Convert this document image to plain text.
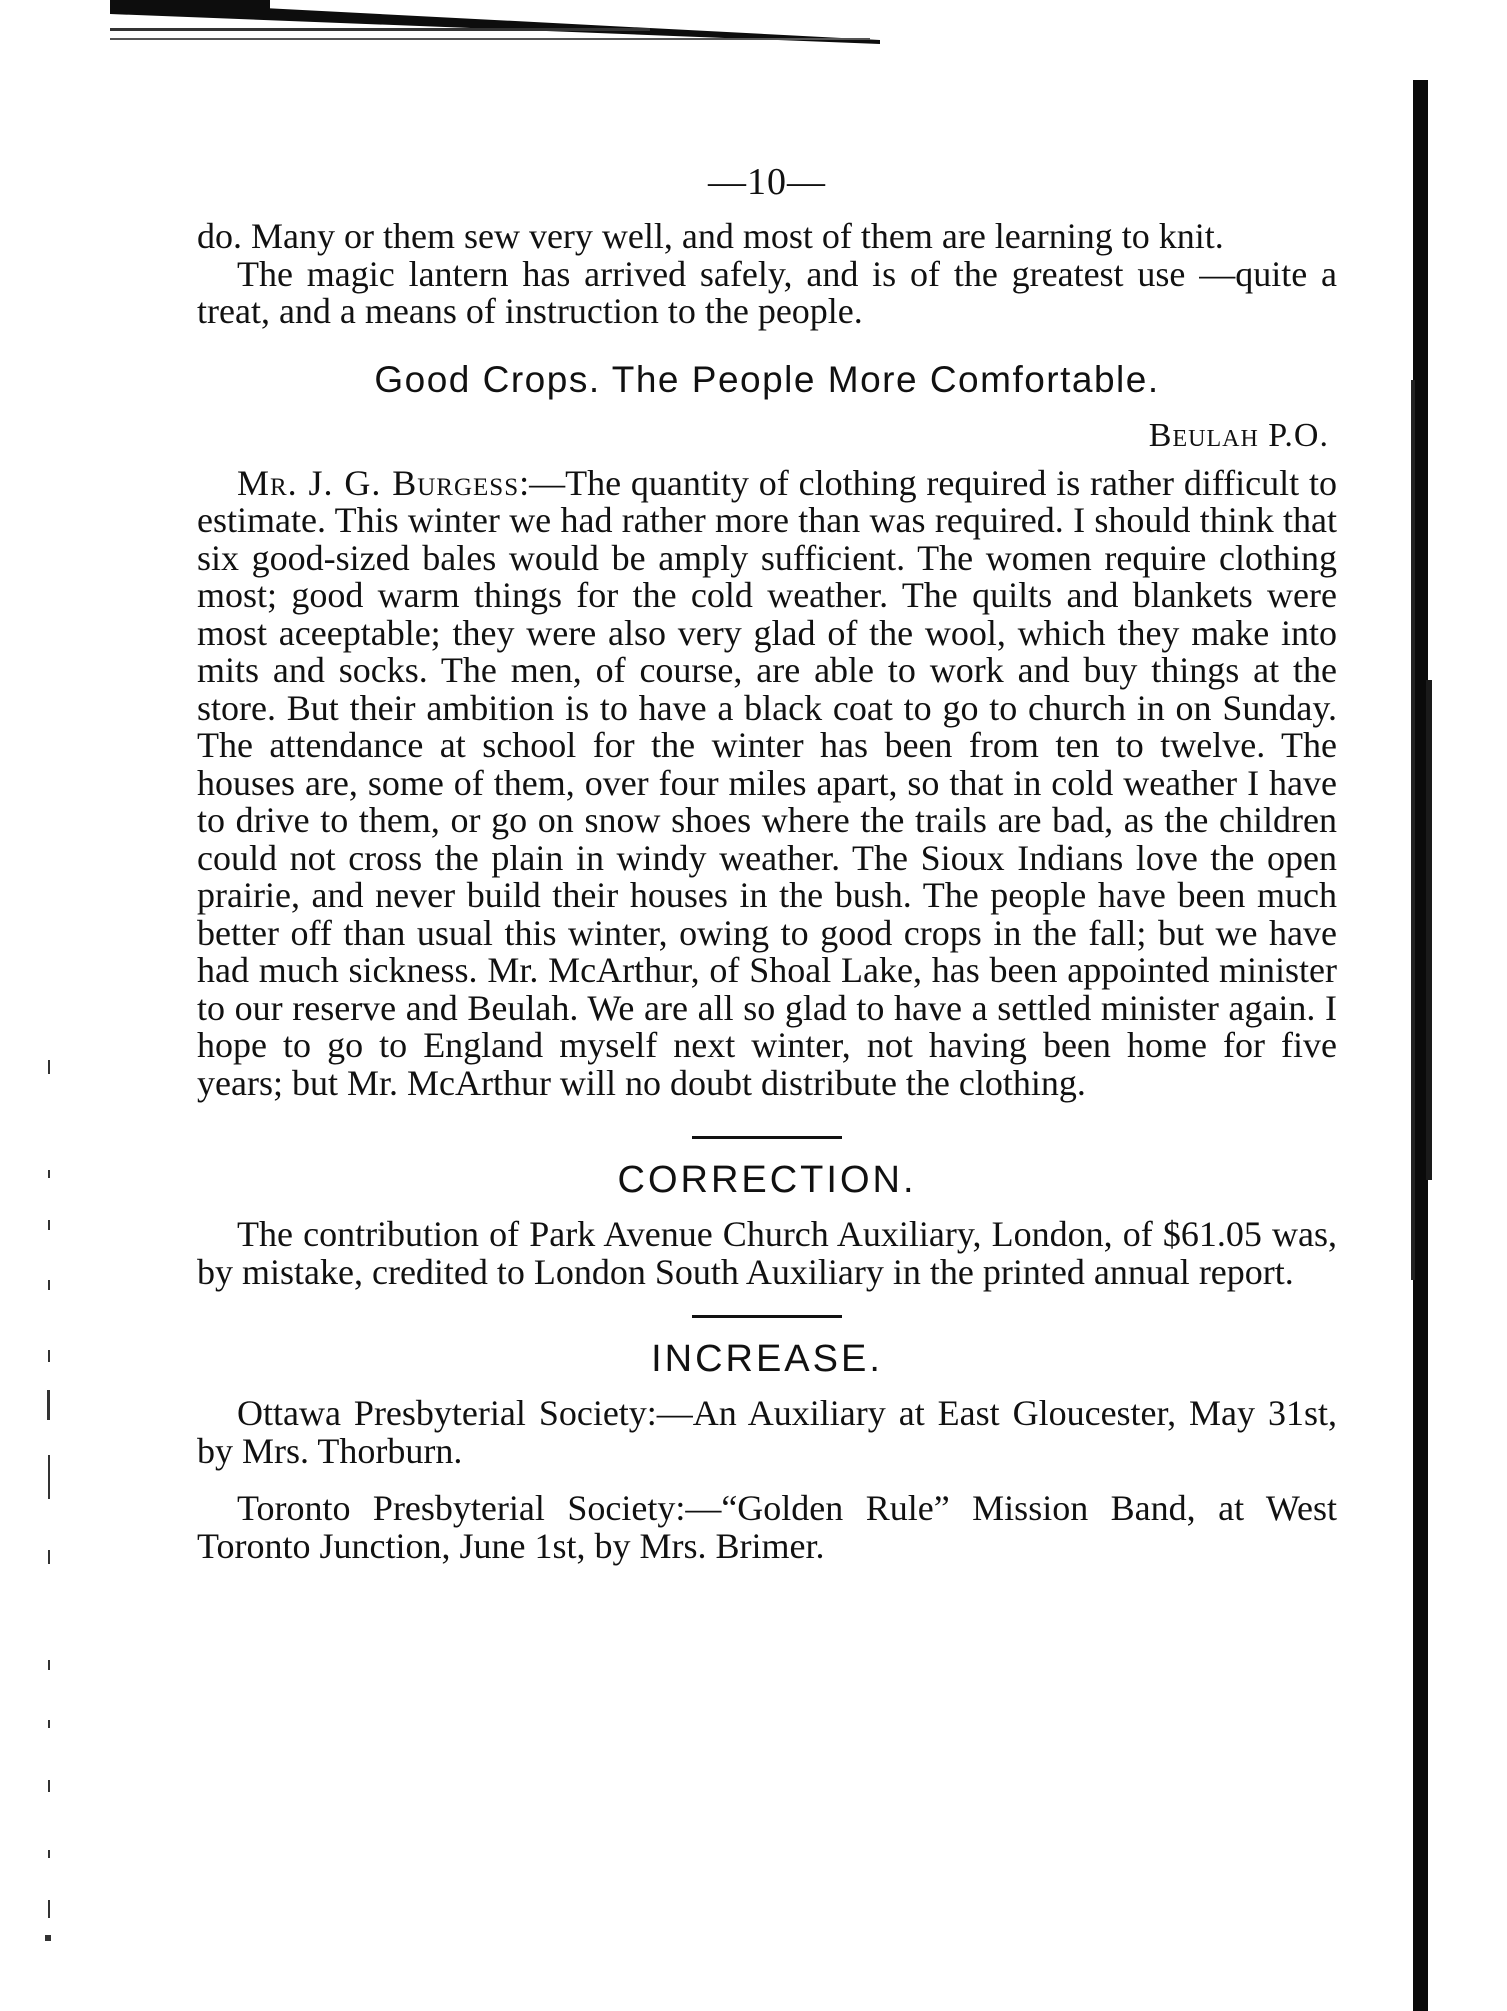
—10—

do. Many or them sew very well, and most of them are learning to knit.

The magic lantern has arrived safely, and is of the greatest use —quite a treat, and a means of instruction to the people.

Good Crops. The People More Comfortable.
Beulah P.O.

Mr. J. G. Burgess:—The quantity of clothing required is rather difficult to estimate. This winter we had rather more than was required. I should think that six good-sized bales would be amply sufficient. The women require clothing most; good warm things for the cold weather. The quilts and blankets were most aceeptable; they were also very glad of the wool, which they make into mits and socks. The men, of course, are able to work and buy things at the store. But their ambition is to have a black coat to go to church in on Sunday. The attendance at school for the winter has been from ten to twelve. The houses are, some of them, over four miles apart, so that in cold weather I have to drive to them, or go on snow shoes where the trails are bad, as the children could not cross the plain in windy weather. The Sioux Indians love the open prairie, and never build their houses in the bush. The people have been much better off than usual this winter, owing to good crops in the fall; but we have had much sickness. Mr. McArthur, of Shoal Lake, has been appointed minister to our reserve and Beulah. We are all so glad to have a settled minister again. I hope to go to England myself next winter, not having been home for five years; but Mr. McArthur will no doubt distribute the clothing.

CORRECTION.

The contribution of Park Avenue Church Auxiliary, London, of $61.05 was, by mistake, credited to London South Auxiliary in the printed annual report.

INCREASE.

Ottawa Presbyterial Society:—An Auxiliary at East Gloucester, May 31st, by Mrs. Thorburn.

Toronto Presbyterial Society:—“Golden Rule” Mission Band, at West Toronto Junction, June 1st, by Mrs. Brimer.
